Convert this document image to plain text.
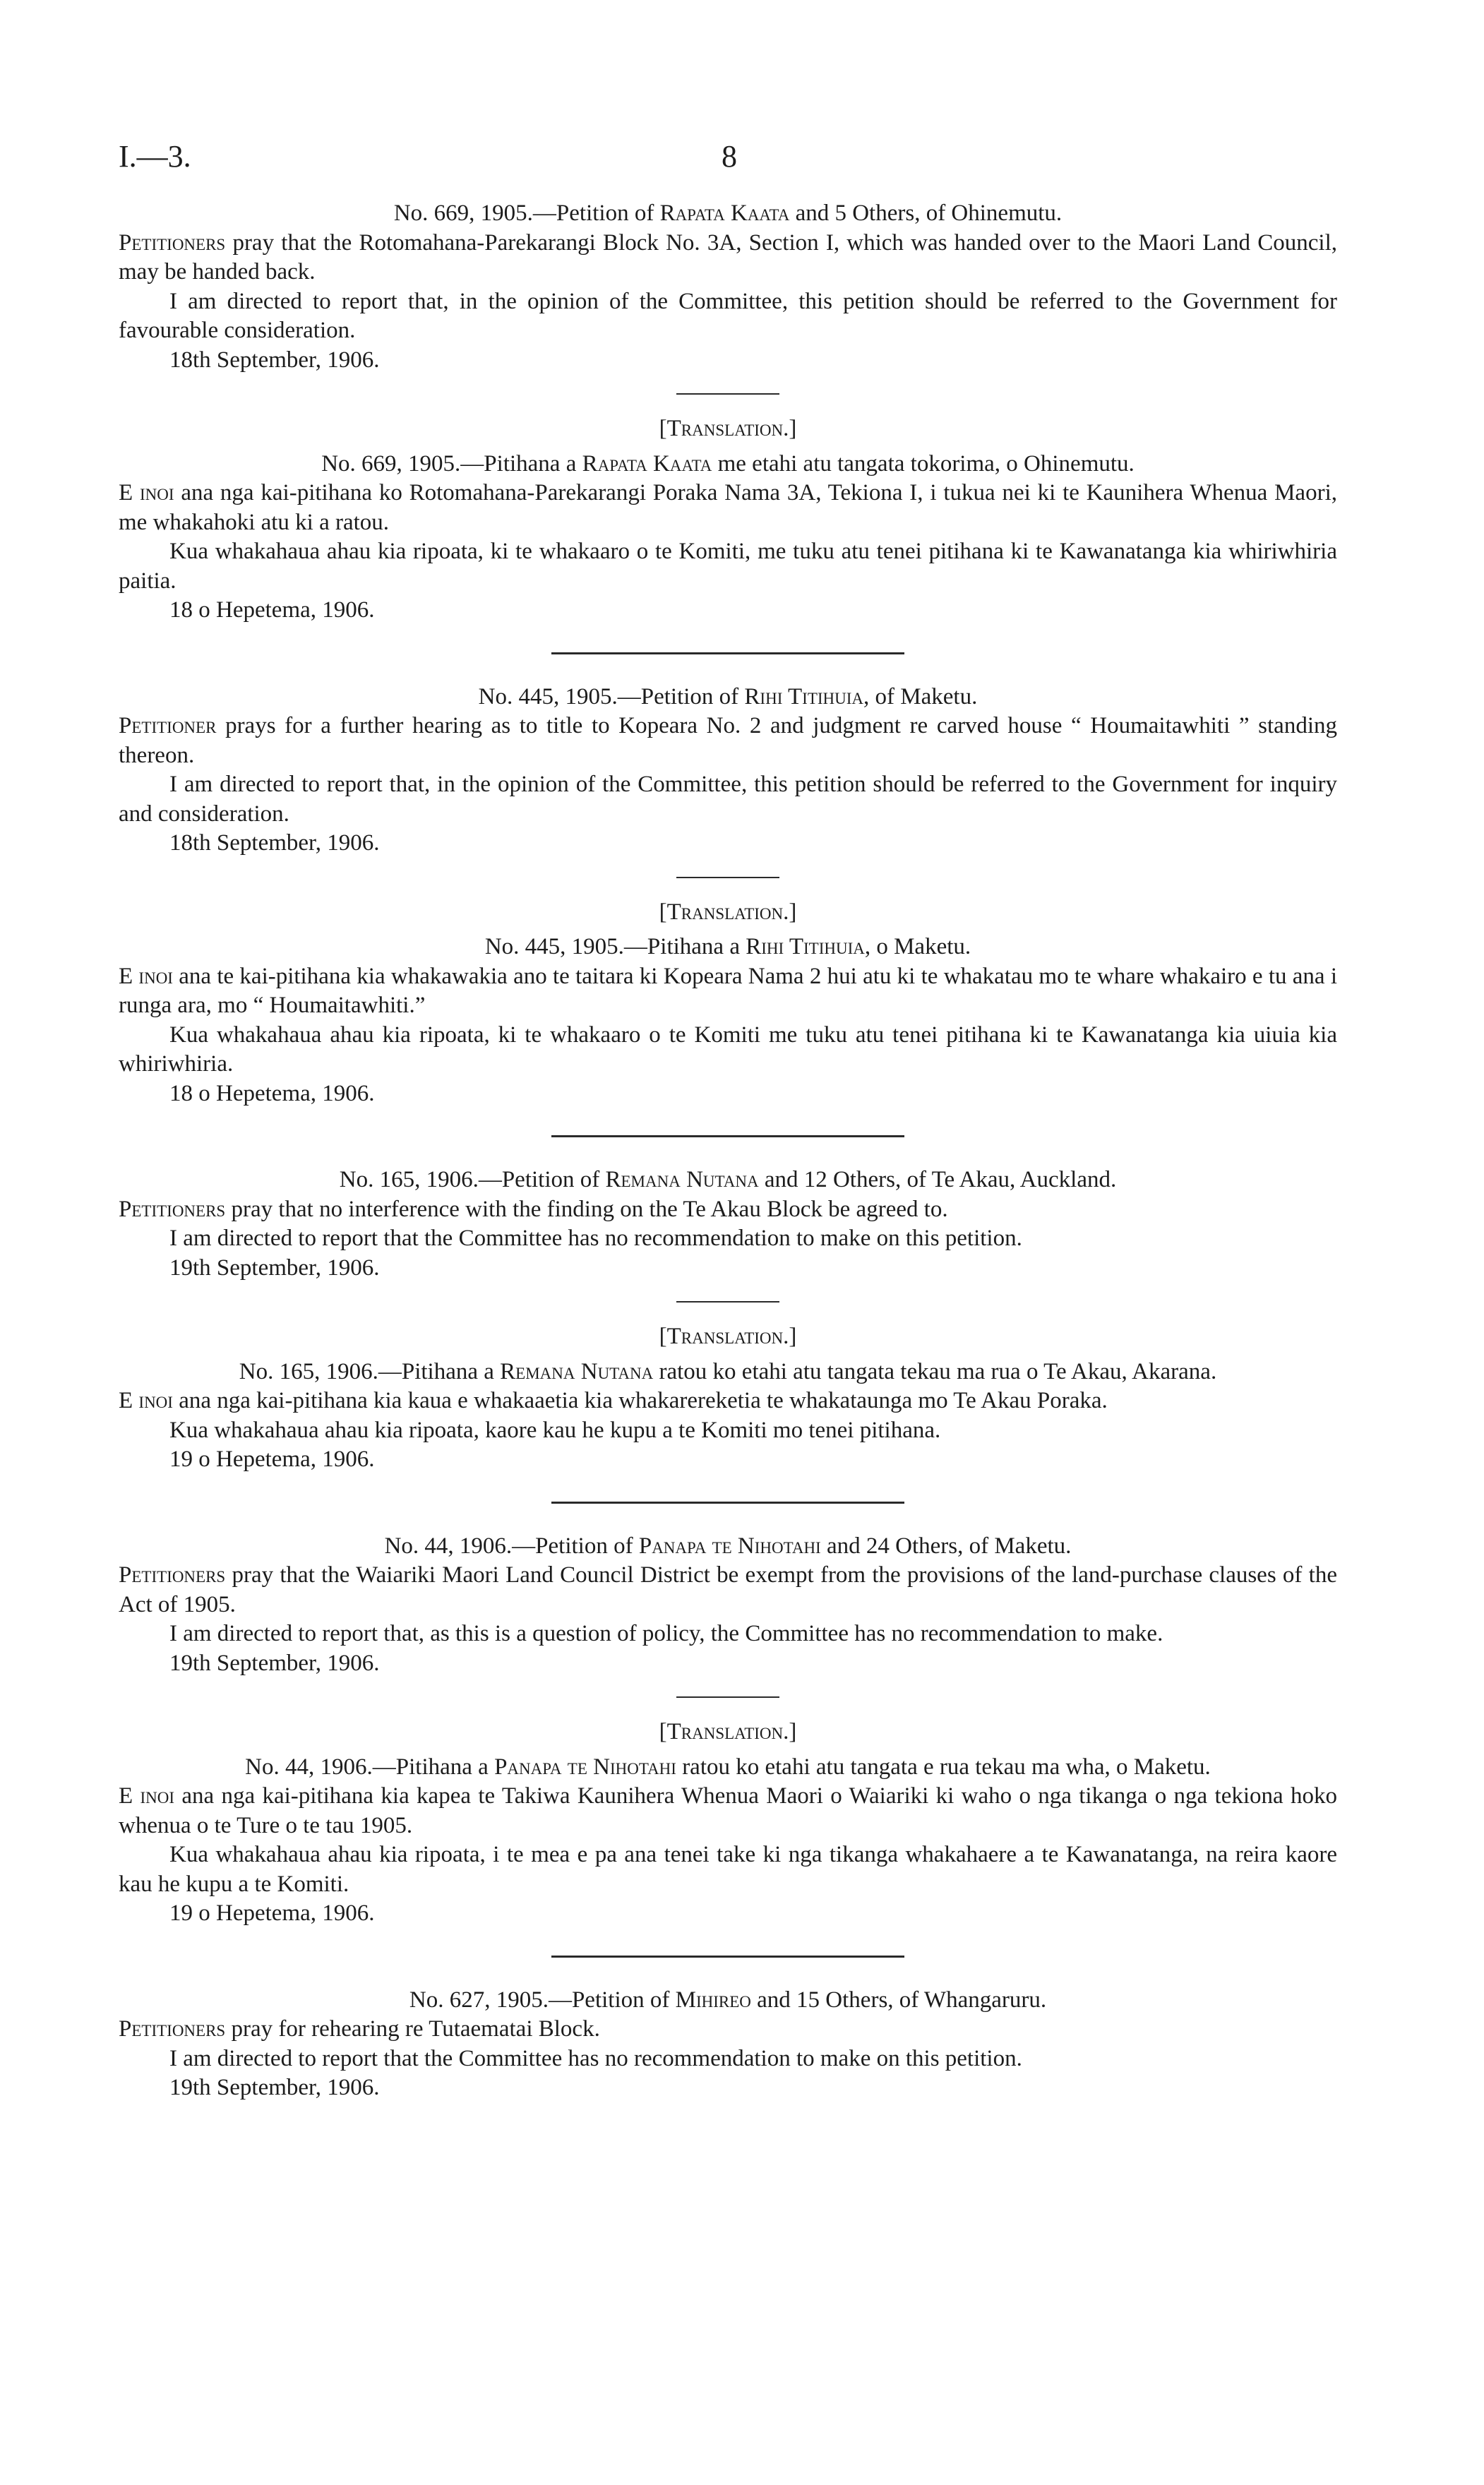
I.—3.	8
No. 669, 1905.—Petition of Rapata Kaata and 5 Others, of Ohinemutu.
Petitioners pray that the Rotomahana-Parekarangi Block No. 3A, Section I, which was handed over to the Maori Land Council, may be handed back.
I am directed to report that, in the opinion of the Committee, this petition should be referred to the Government for favourable consideration.
18th September, 1906.
[Translation.]
No. 669, 1905.—Pitihana a Rapata Kaata me etahi atu tangata tokorima, o Ohinemutu.
E inoi ana nga kai-pitihana ko Rotomahana-Parekarangi Poraka Nama 3A, Tekiona I, i tukua nei ki te Kaunihera Whenua Maori, me whakahoki atu ki a ratou.
Kua whakahaua ahau kia ripoata, ki te whakaaro o te Komiti, me tuku atu tenei pitihana ki te Kawanatanga kia whiriwhiria paitia.
18 o Hepetema, 1906.
No. 445, 1905.—Petition of Rihi Titihuia, of Maketu.
Petitioner prays for a further hearing as to title to Kopeara No. 2 and judgment re carved house “ Houmaitawhiti ” standing thereon.
I am directed to report that, in the opinion of the Committee, this petition should be referred to the Government for inquiry and consideration.
18th September, 1906.
[Translation.]
No. 445, 1905.—Pitihana a Rihi Titihuia, o Maketu.
E inoi ana te kai-pitihana kia whakawakia ano te taitara ki Kopeara Nama 2 hui atu ki te whakatau mo te whare whakairo e tu ana i runga ara, mo “ Houmaitawhiti.”
Kua whakahaua ahau kia ripoata, ki te whakaaro o te Komiti me tuku atu tenei pitihana ki te Kawanatanga kia uiuia kia whiriwhiria.
18 o Hepetema, 1906.
No. 165, 1906.—Petition of Remana Nutana and 12 Others, of Te Akau, Auckland.
Petitioners pray that no interference with the finding on the Te Akau Block be agreed to.
I am directed to report that the Committee has no recommendation to make on this petition.
19th September, 1906.
[Translation.]
No. 165, 1906.—Pitihana a Remana Nutana ratou ko etahi atu tangata tekau ma rua o Te Akau, Akarana.
E inoi ana nga kai-pitihana kia kaua e whakaaetia kia whakarereketia te whakataunga mo Te Akau Poraka.
Kua whakahaua ahau kia ripoata, kaore kau he kupu a te Komiti mo tenei pitihana.
19 o Hepetema, 1906.
No. 44, 1906.—Petition of Panapa te Nihotahi and 24 Others, of Maketu.
Petitioners pray that the Waiariki Maori Land Council District be exempt from the provisions of the land-purchase clauses of the Act of 1905.
I am directed to report that, as this is a question of policy, the Committee has no recommendation to make.
19th September, 1906.
[Translation.]
No. 44, 1906.—Pitihana a Panapa te Nihotahi ratou ko etahi atu tangata e rua tekau ma wha, o Maketu.
E inoi ana nga kai-pitihana kia kapea te Takiwa Kaunihera Whenua Maori o Waiariki ki waho o nga tikanga o nga tekiona hoko whenua o te Ture o te tau 1905.
Kua whakahaua ahau kia ripoata, i te mea e pa ana tenei take ki nga tikanga whakahaere a te Kawanatanga, na reira kaore kau he kupu a te Komiti.
19 o Hepetema, 1906.
No. 627, 1905.—Petition of Mihireo and 15 Others, of Whangaruru.
Petitioners pray for rehearing re Tutaematai Block.
I am directed to report that the Committee has no recommendation to make on this petition.
19th September, 1906.
